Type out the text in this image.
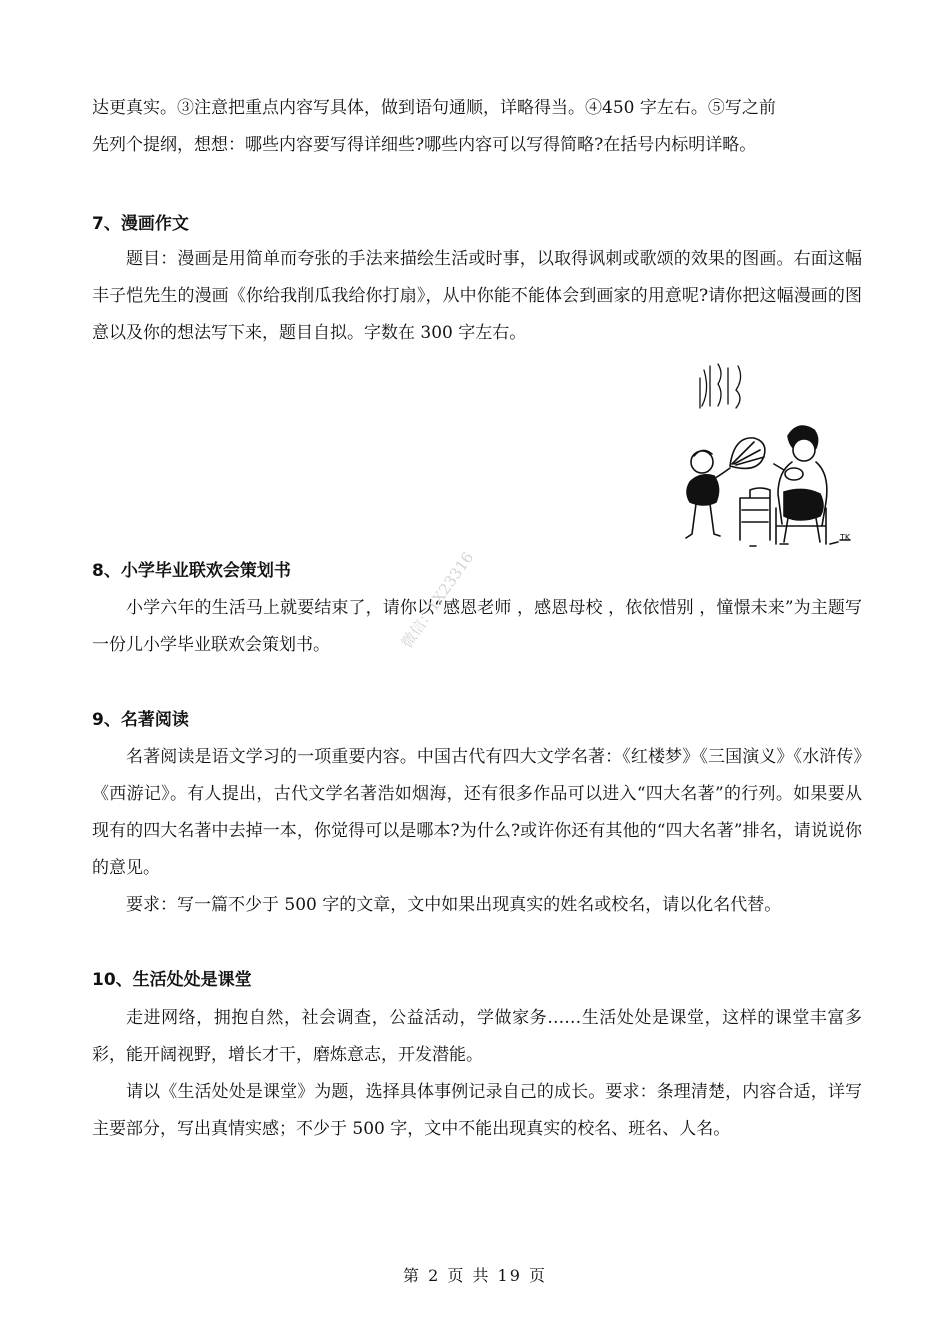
达更真实。③注意把重点内容写具体，做到语句通顺，详略得当。④450 字左右。⑤写之前

先列个提纲，想想：哪些内容要写得详细些?哪些内容可以写得简略?在括号内标明详略。

7、漫画作文

题目：漫画是用简单而夸张的手法来描绘生活或时事，以取得讽刺或歌颂的效果的图画。右面这幅丰子恺先生的漫画《你给我削瓜我给你打扇》，从中你能不能体会到画家的用意呢?请你把这幅漫画的图意以及你的想法写下来，题目自拟。字数在 300 字左右。

TK
你给我削瓜我给你打扇
8、小学毕业联欢会策划书

小学六年的生活马上就要结束了，请你以“感恩老师 ，感恩母校 ，依依惜别 ，憧憬未来”为主题写一份儿小学毕业联欢会策划书。	微信：1X23316
9、名著阅读

名著阅读是语文学习的一项重要内容。中国古代有四大文学名著：《红楼梦》《三国演义》《水浒传》《西游记》。有人提出，古代文学名著浩如烟海，还有很多作品可以进入“四大名著”的行列。如果要从现有的四大名著中去掉一本，你觉得可以是哪本?为什么?或许你还有其他的“四大名著”排名，请说说你的意见。

要求：写一篇不少于 500 字的文章，文中如果出现真实的姓名或校名，请以化名代替。

10、生活处处是课堂

走进网络，拥抱自然，社会调查，公益活动，学做家务……生活处处是课堂，这样的课堂丰富多彩，能开阔视野，增长才干，磨炼意志，开发潜能。

请以《生活处处是课堂》为题，选择具体事例记录自己的成长。要求：条理清楚，内容合适，详写主要部分，写出真情实感；不少于 500 字，文中不能出现真实的校名、班名、人名。

第 2 页 共 19 页
